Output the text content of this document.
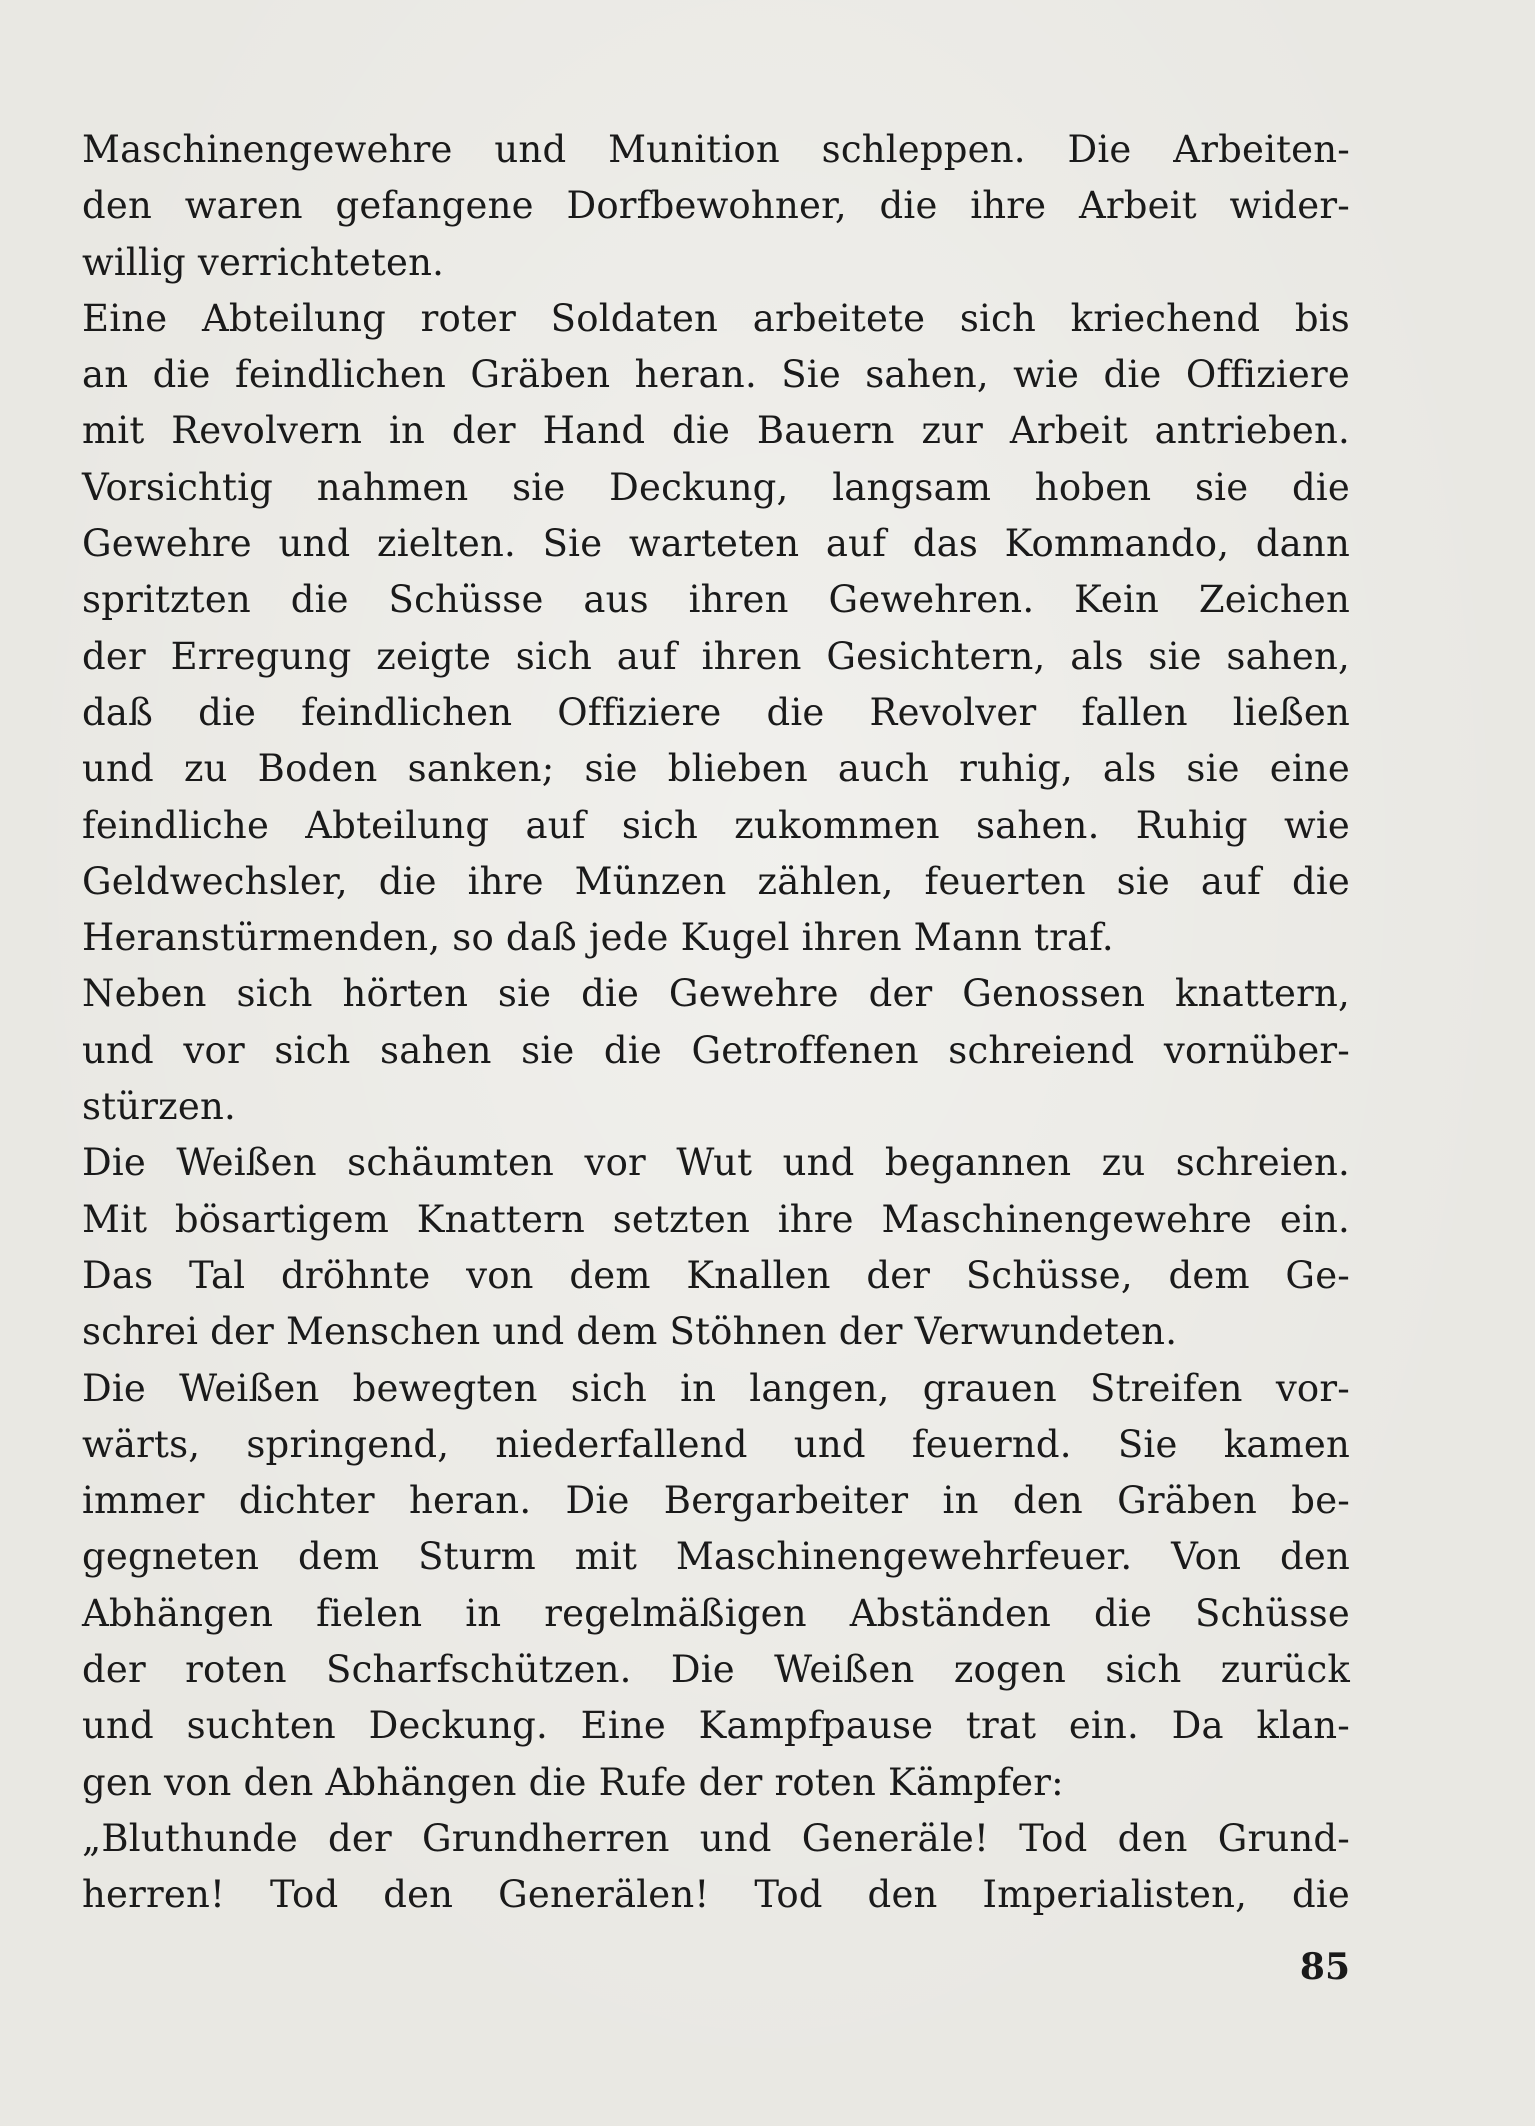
Maschinengewehre und Munition schleppen. Die Arbeiten-
den waren gefangene Dorfbewohner, die ihre Arbeit wider-
willig verrichteten.
Eine Abteilung roter Soldaten arbeitete sich kriechend bis
an die feindlichen Gräben heran. Sie sahen, wie die Offiziere
mit Revolvern in der Hand die Bauern zur Arbeit antrieben.
Vorsichtig nahmen sie Deckung, langsam hoben sie die
Gewehre und zielten. Sie warteten auf das Kommando, dann
spritzten die Schüsse aus ihren Gewehren. Kein Zeichen
der Erregung zeigte sich auf ihren Gesichtern, als sie sahen,
daß die feindlichen Offiziere die Revolver fallen ließen
und zu Boden sanken; sie blieben auch ruhig, als sie eine
feindliche Abteilung auf sich zukommen sahen. Ruhig wie
Geldwechsler, die ihre Münzen zählen, feuerten sie auf die
Heranstürmenden, so daß jede Kugel ihren Mann traf.
Neben sich hörten sie die Gewehre der Genossen knattern,
und vor sich sahen sie die Getroffenen schreiend vornüber-
stürzen.
Die Weißen schäumten vor Wut und begannen zu schreien.
Mit bösartigem Knattern setzten ihre Maschinengewehre ein.
Das Tal dröhnte von dem Knallen der Schüsse, dem Ge-
schrei der Menschen und dem Stöhnen der Verwundeten.
Die Weißen bewegten sich in langen, grauen Streifen vor-
wärts, springend, niederfallend und feuernd. Sie kamen
immer dichter heran. Die Bergarbeiter in den Gräben be-
gegneten dem Sturm mit Maschinengewehrfeuer. Von den
Abhängen fielen in regelmäßigen Abständen die Schüsse
der roten Scharfschützen. Die Weißen zogen sich zurück
und suchten Deckung. Eine Kampfpause trat ein. Da klan-
gen von den Abhängen die Rufe der roten Kämpfer:
„Bluthunde der Grundherren und Generäle! Tod den Grund-
herren! Tod den Generälen! Tod den Imperialisten, die
85
